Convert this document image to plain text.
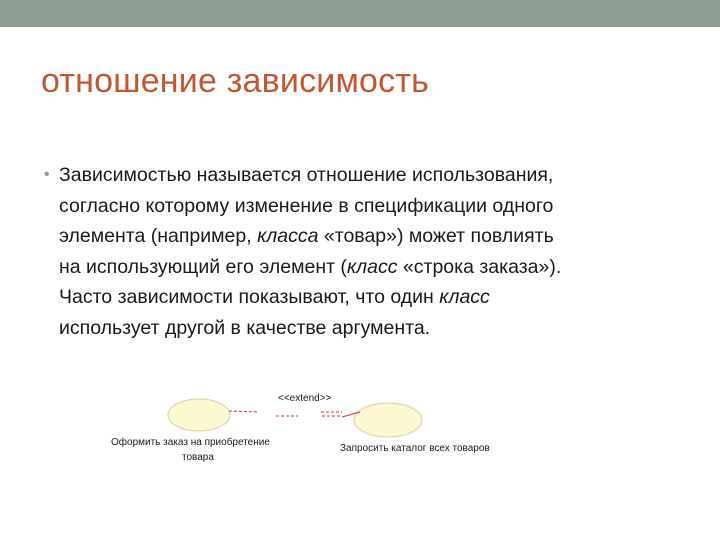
отношение зависимость
• Зависимостью называется отношение использования,
согласно которому изменение в спецификации одного
элемента (например, класса «товар») может повлиять
на использующий его элемент (класс «строка заказа»).
Часто зависимости показывают, что один класс
использует другой в качестве аргумента.
<<extend>>
Оформить заказ на приобретение
товара
Запросить каталог всех товаров
